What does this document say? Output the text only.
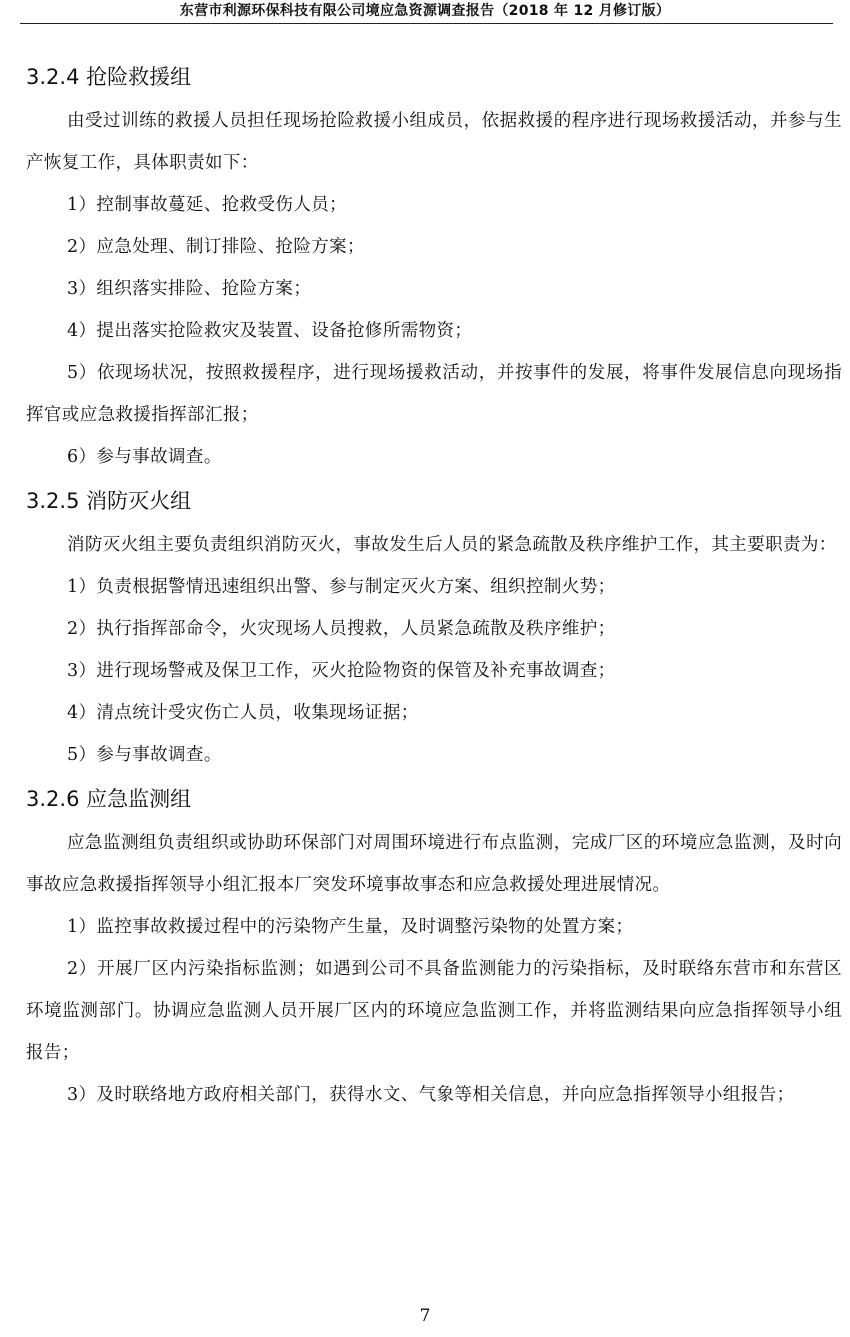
东营市利源环保科技有限公司境应急资源调查报告（2018 年 12 月修订版）
3.2.4 抢险救援组

由受过训练的救援人员担任现场抢险救援小组成员，依据救援的程序进行现场救援活动，并参与生产恢复工作，具体职责如下：

1）控制事故蔓延、抢救受伤人员；

2）应急处理、制订排险、抢险方案；

3）组织落实排险、抢险方案；

4）提出落实抢险救灾及装置、设备抢修所需物资；

5）依现场状况，按照救援程序，进行现场援救活动，并按事件的发展，将事件发展信息向现场指挥官或应急救援指挥部汇报；

6）参与事故调查。

3.2.5 消防灭火组

消防灭火组主要负责组织消防灭火，事故发生后人员的紧急疏散及秩序维护工作，其主要职责为：

1）负责根据警情迅速组织出警、参与制定灭火方案、组织控制火势；

2）执行指挥部命令，火灾现场人员搜救，人员紧急疏散及秩序维护；

3）进行现场警戒及保卫工作，灭火抢险物资的保管及补充事故调查；

4）清点统计受灾伤亡人员，收集现场证据；

5）参与事故调查。

3.2.6 应急监测组

应急监测组负责组织或协助环保部门对周围环境进行布点监测，完成厂区的环境应急监测，及时向事故应急救援指挥领导小组汇报本厂突发环境事故事态和应急救援处理进展情况。

1）监控事故救援过程中的污染物产生量，及时调整污染物的处置方案；

2）开展厂区内污染指标监测；如遇到公司不具备监测能力的污染指标，及时联络东营市和东营区环境监测部门。协调应急监测人员开展厂区内的环境应急监测工作，并将监测结果向应急指挥领导小组报告；

3）及时联络地方政府相关部门，获得水文、气象等相关信息，并向应急指挥领导小组报告；

7
